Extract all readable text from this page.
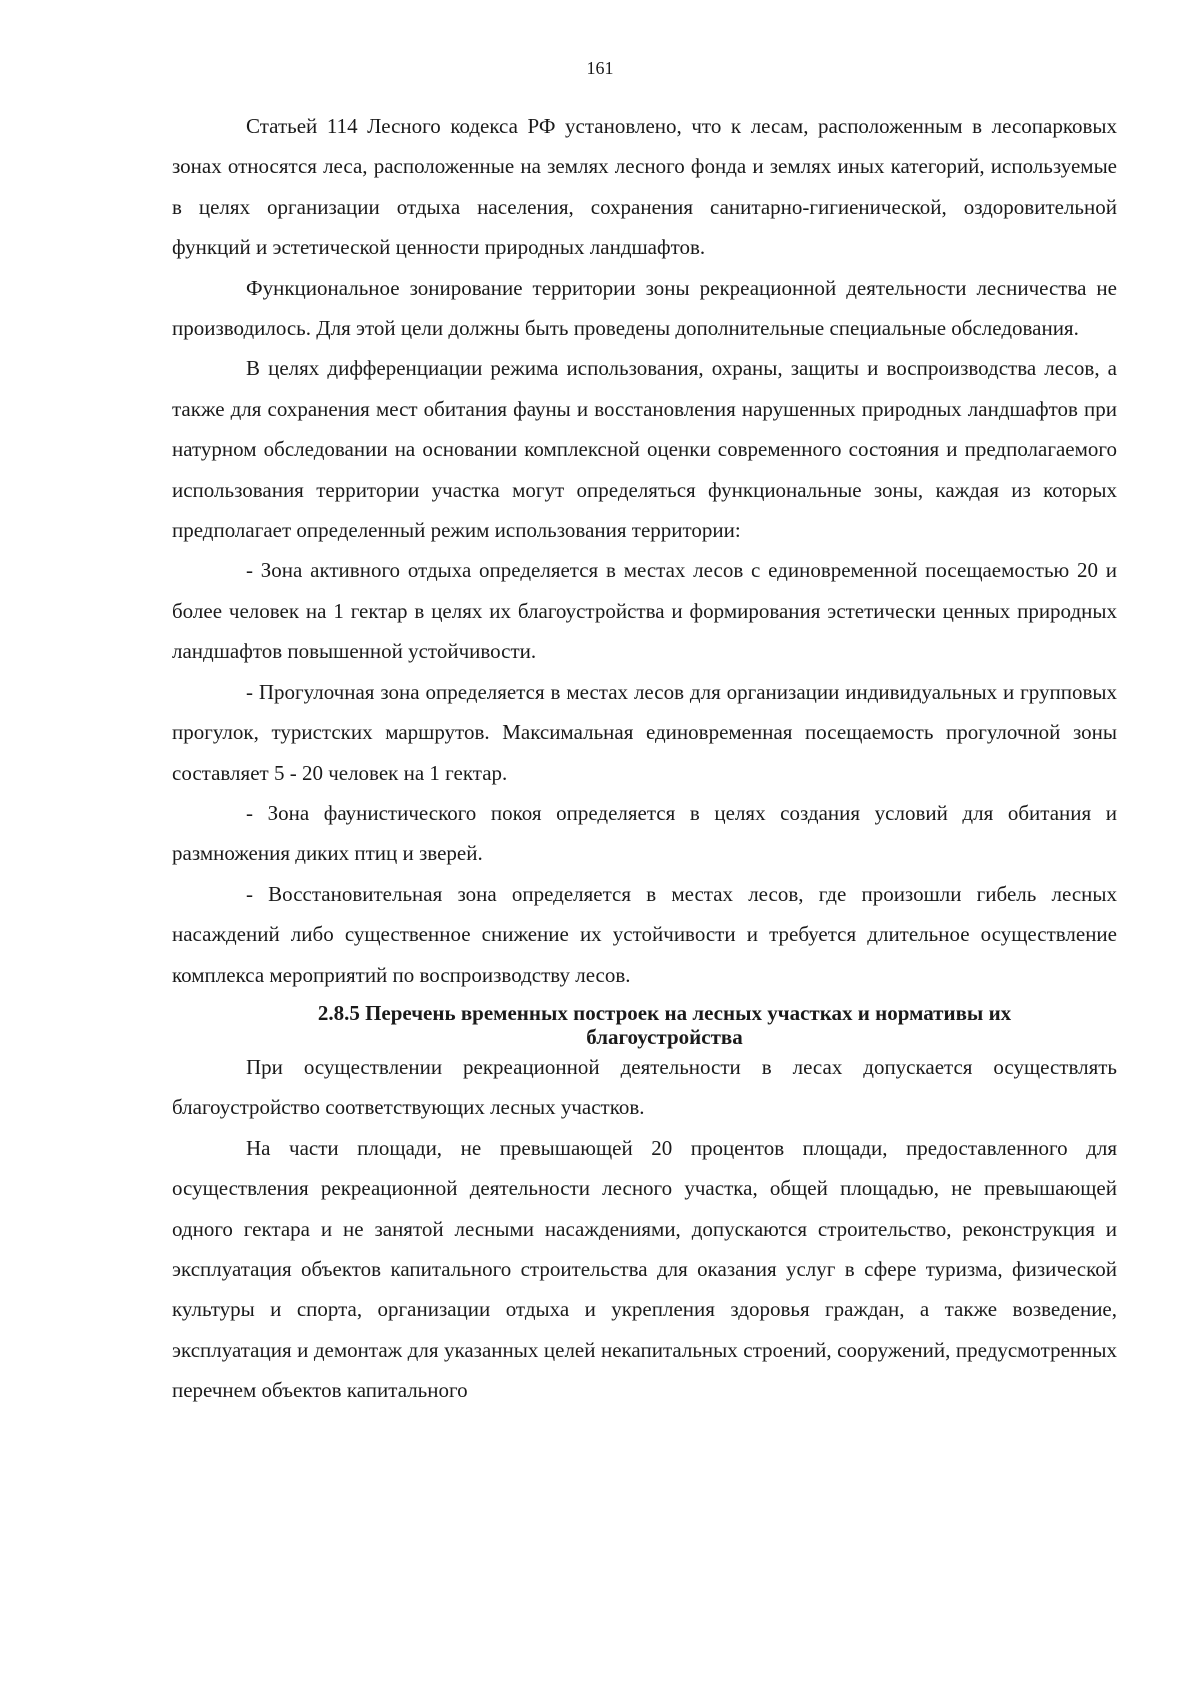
161

Статьей 114 Лесного кодекса РФ установлено, что к лесам, расположенным в лесопарковых зонах относятся леса, расположенные на землях лесного фонда и землях иных категорий, используемые в целях организации отдыха населения, сохранения санитарно-гигиенической, оздоровительной функций и эстетической ценности природных ландшафтов.

Функциональное зонирование территории зоны рекреационной деятельности лесничества не производилось. Для этой цели должны быть проведены дополнительные специальные обследования.

В целях дифференциации режима использования, охраны, защиты и воспроизводства лесов, а также для сохранения мест обитания фауны и восстановления нарушенных природных ландшафтов при натурном обследовании на основании комплексной оценки современного состояния и предполагаемого использования территории участка могут определяться функциональные зоны, каждая из которых предполагает определенный режим использования территории:

- Зона активного отдыха определяется в местах лесов с единовременной посещаемостью 20 и более человек на 1 гектар в целях их благоустройства и формирования эстетически ценных природных ландшафтов повышенной устойчивости.

- Прогулочная зона определяется в местах лесов для организации индивидуальных и групповых прогулок, туристских маршрутов. Максимальная единовременная посещаемость прогулочной зоны составляет 5 - 20 человек на 1 гектар.

- Зона фаунистического покоя определяется в целях создания условий для обитания и размножения диких птиц и зверей.

- Восстановительная зона определяется в местах лесов, где произошли гибель лесных насаждений либо существенное снижение их устойчивости и требуется длительное осуществление комплекса мероприятий по воспроизводству лесов.

2.8.5 Перечень временных построек на лесных участках и нормативы их
благоустройства

При осуществлении рекреационной деятельности в лесах допускается осуществлять благоустройство соответствующих лесных участков.

На части площади, не превышающей 20 процентов площади, предоставленного для осуществления рекреационной деятельности лесного участка, общей площадью, не превышающей одного гектара и не занятой лесными насаждениями, допускаются строительство, реконструкция и эксплуатация объектов капитального строительства для оказания услуг в сфере туризма, физической культуры и спорта, организации отдыха и укрепления здоровья граждан, а также возведение, эксплуатация и демонтаж для указанных целей некапитальных строений, сооружений, предусмотренных перечнем объектов капитального
